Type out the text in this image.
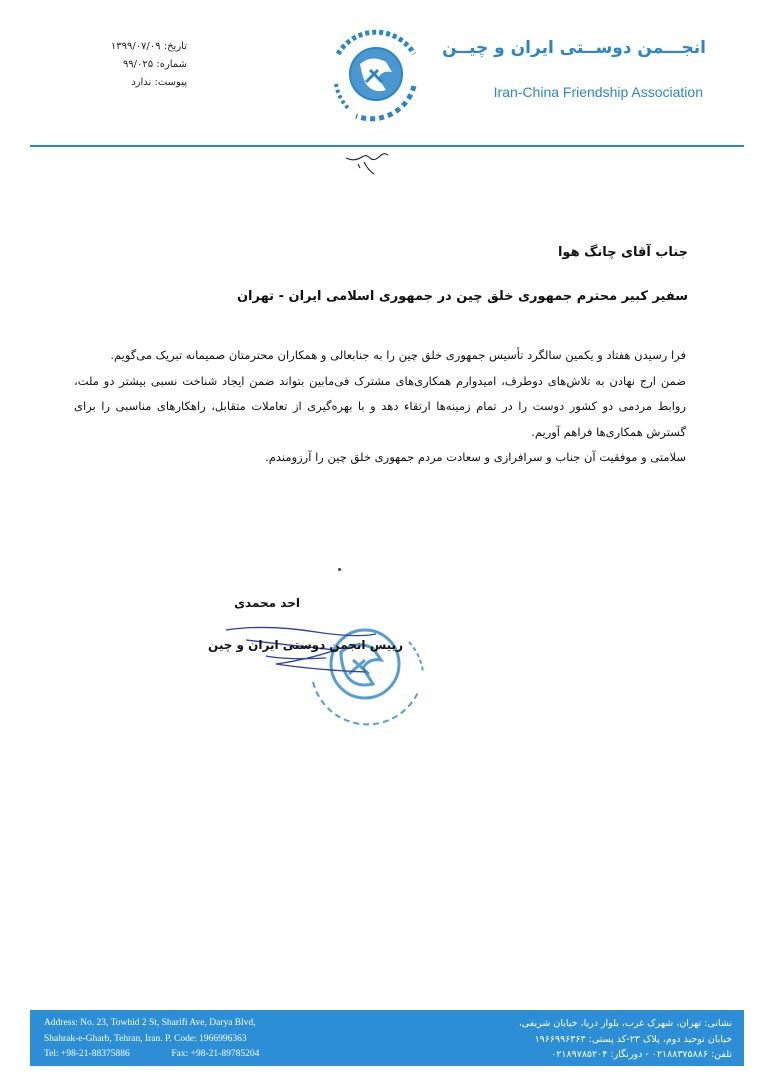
تاریخ: ۱۳۹۹/۰۷/۰۹
شماره: ۹۹/۰۲۵
پیوست: ندارد
انجـــمن دوســتی ایران و چیــن
Iran-China Friendship Association
جناب آقای چانگ هوا
سفیر کبیر محترم جمهوری خلق چین در جمهوری اسلامی ایران - تهران

فرا رسیدن هفتاد و یکمین سالگرد تأسیس جمهوری خلق چین را به جنابعالی و همکاران محترمتان صمیمانه تبریک می‌گویم.

ضمن ارج نهادن به تلاش‌های دوطرف، امیدوارم همکاری‌های مشترک فی‌مابین بتواند ضمن ایجاد شناخت نسبی بیشتر دو ملت، روابط مردمی دو کشور دوست را در تمام زمینه‌ها ارتقاء دهد و با بهره‌گیری از تعاملات متقابل، راهکارهای مناسبی را برای گسترش همکاری‌ها فراهم آوریم.

سلامتی و موفقیت آن جناب و سرافرازی و سعادت مردم جمهوری خلق چین را آرزومندم.

احد محمدی
رییس انجمن دوستی ایران و چین
Address: No. 23, Towhid 2 St, Sharifi Ave, Darya Blvd,
Shahrak-e-Gharb, Tehran, Iran. P. Code: 1966996363
Tel: +98-21-88375886	Fax: +98-21-89785204
نشانی: تهران، شهرک غرب، بلوار دریا، خیابان شریفی،
خیابان توحید دوم، پلاک ۲۳-کد پستی: ۱۹۶۶۹۹۶۳۶۳
تلفن: ۰۲۱۸۸۳۷۵۸۸۶ - دورنگار: ۰۲۱۸۹۷۸۵۲۰۴
